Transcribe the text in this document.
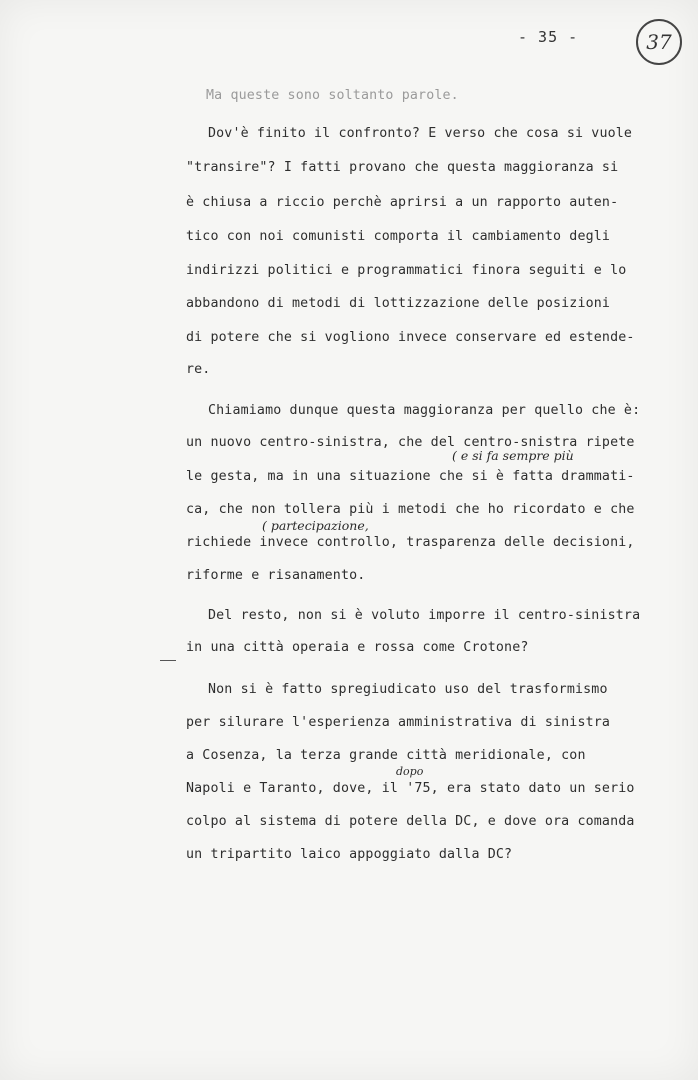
- 35 -	37
Ma queste sono soltanto parole.
Dov'è finito il confronto? E verso che cosa si vuole
"transire"? I fatti provano che questa maggioranza si
è chiusa a riccio perchè aprirsi a un rapporto auten-
tico con noi comunisti comporta il cambiamento degli
indirizzi politici e programmatici finora seguiti e lo
abbandono di metodi di lottizzazione delle posizioni
di potere che si vogliono invece conservare ed estende-
re.
Chiamiamo dunque questa maggioranza per quello che è:
un nuovo centro-sinistra, che del centro-snistra ripete
( e si fa sempre più
le gesta, ma in una situazione che si è fatta drammati-
ca, che non tollera più i metodi che ho ricordato e che
( partecipazione,
richiede invece controllo, trasparenza delle decisioni,
riforme e risanamento.
Del resto, non si è voluto imporre il centro-sinistra
in una città operaia e rossa come Crotone?
Non si è fatto spregiudicato uso del trasformismo
per silurare l'esperienza amministrativa di sinistra
a Cosenza, la terza grande città meridionale, con
dopo
Napoli e Taranto, dove, il '75, era stato dato un serio
colpo al sistema di potere della DC, e dove ora comanda
un tripartito laico appoggiato dalla DC?
